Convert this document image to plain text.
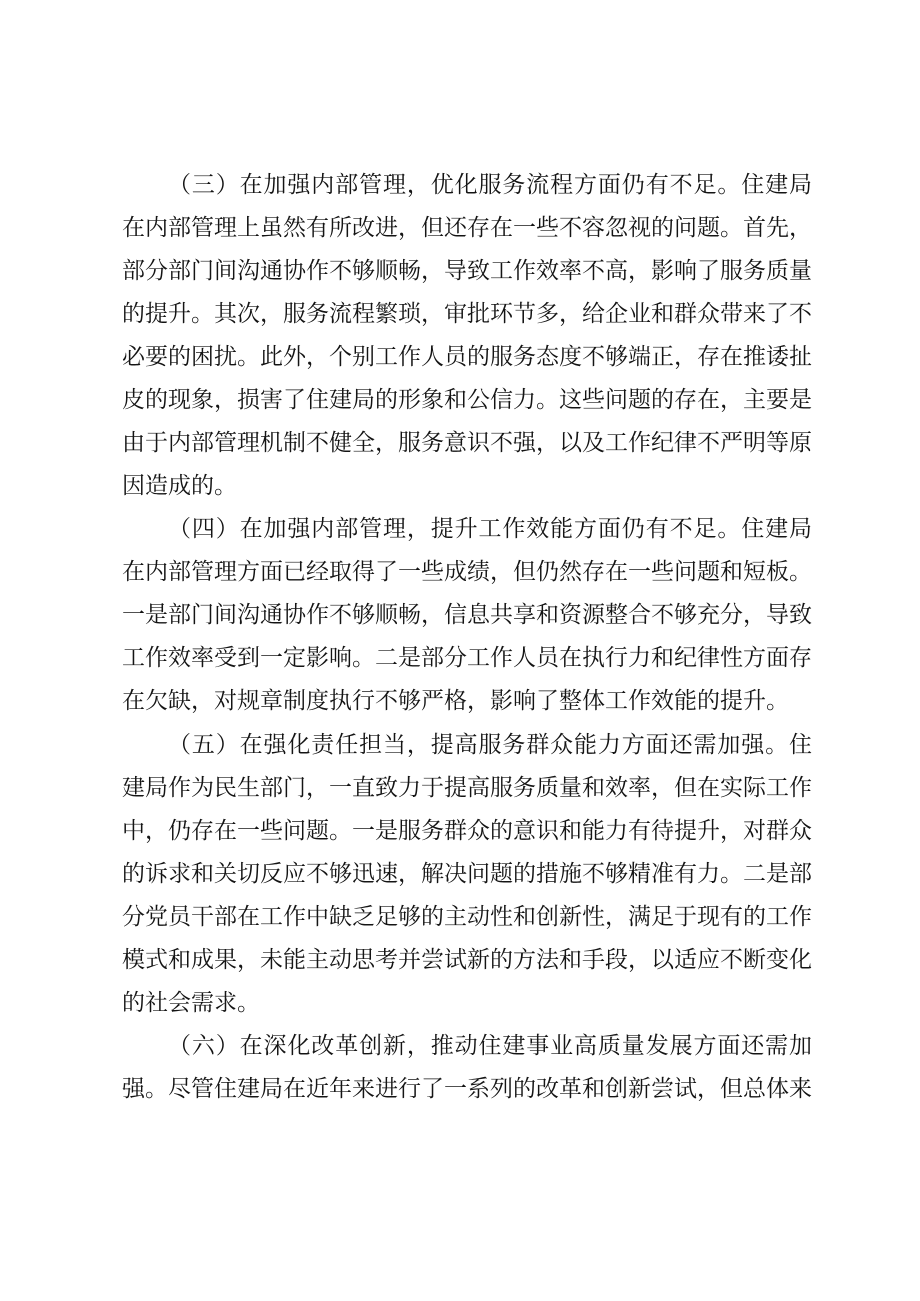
（三）在加强内部管理，优化服务流程方面仍有不足。住建局
在内部管理上虽然有所改进，但还存在一些不容忽视的问题。首先，
部分部门间沟通协作不够顺畅，导致工作效率不高，影响了服务质量
的提升。其次，服务流程繁琐，审批环节多，给企业和群众带来了不
必要的困扰。此外，个别工作人员的服务态度不够端正，存在推诿扯
皮的现象，损害了住建局的形象和公信力。这些问题的存在，主要是
由于内部管理机制不健全，服务意识不强，以及工作纪律不严明等原
因造成的。
（四）在加强内部管理，提升工作效能方面仍有不足。住建局
在内部管理方面已经取得了一些成绩，但仍然存在一些问题和短板。
一是部门间沟通协作不够顺畅，信息共享和资源整合不够充分，导致
工作效率受到一定影响。二是部分工作人员在执行力和纪律性方面存
在欠缺，对规章制度执行不够严格，影响了整体工作效能的提升。
（五）在强化责任担当，提高服务群众能力方面还需加强。住
建局作为民生部门，一直致力于提高服务质量和效率，但在实际工作
中，仍存在一些问题。一是服务群众的意识和能力有待提升，对群众
的诉求和关切反应不够迅速，解决问题的措施不够精准有力。二是部
分党员干部在工作中缺乏足够的主动性和创新性，满足于现有的工作
模式和成果，未能主动思考并尝试新的方法和手段，以适应不断变化
的社会需求。
（六）在深化改革创新，推动住建事业高质量发展方面还需加
强。尽管住建局在近年来进行了一系列的改革和创新尝试，但总体来
